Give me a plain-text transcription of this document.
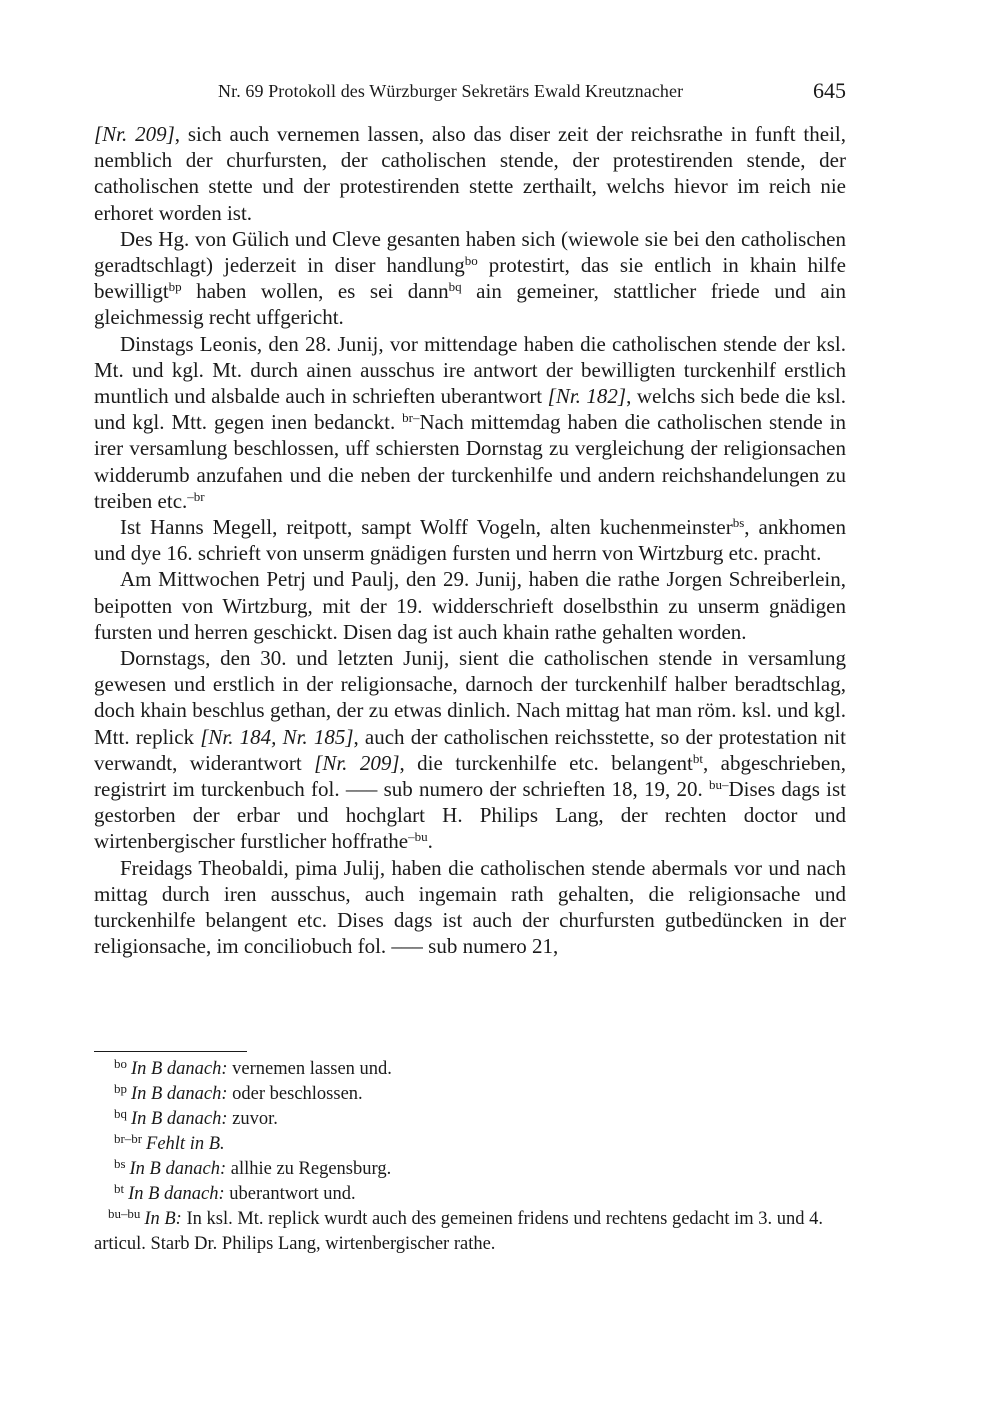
Nr. 69 Protokoll des Würzburger Sekretärs Ewald Kreutznacher	645

[Nr. 209], sich auch vernemen lassen, also das diser zeit der reichsrathe in funft theil, nemblich der churfursten, der catholischen stende, der protestirenden stende, der catholischen stette und der protestirenden stette zerthailt, welchs hievor im reich nie erhoret worden ist.

Des Hg. von Gülich und Cleve gesanten haben sich (wiewole sie bei den catholischen geradtschlagt) jederzeit in diser handlung$^{bo}$ protestirt, das sie entlich in khain hilfe bewilligt$^{bp}$ haben wollen, es sei dann$^{bq}$ ain gemeiner, stattlicher friede und ain gleichmessig recht uffgericht.

Dinstags Leonis, den 28. Junij, vor mittendage haben die catholischen stende der ksl. Mt. und kgl. Mt. durch ainen ausschus ire antwort der bewilligten turckenhilf erstlich muntlich und alsbalde auch in schrieften uberantwort [Nr. 182], welchs sich bede die ksl. und kgl. Mtt. gegen inen bedanckt. $^{br-}$Nach mittemdag haben die catholischen stende in irer versamlung beschlossen, uff schiersten Dornstag zu vergleichung der religionsachen widderumb anzufahen und die neben der turckenhilfe und andern reichshandelungen zu treiben etc.$^{-br}$

Ist Hanns Megell, reitpott, sampt Wolff Vogeln, alten kuchenmeinster$^{bs}$, ankhomen und dye 16. schrieft von unserm gnädigen fursten und herrn von Wirtzburg etc. pracht.

Am Mittwochen Petrj und Paulj, den 29. Junij, haben die rathe Jorgen Schreiberlein, beipotten von Wirtzburg, mit der 19. widderschrieft doselbsthin zu unserm gnädigen fursten und herren geschickt. Disen dag ist auch khain rathe gehalten worden.

Dornstags, den 30. und letzten Junij, sient die catholischen stende in versamlung gewesen und erstlich in der religionsache, darnoch der turckenhilf halber beradtschlag, doch khain beschlus gethan, der zu etwas dinlich. Nach mittag hat man röm. ksl. und kgl. Mtt. replick [Nr. 184, Nr. 185], auch der catholischen reichsstette, so der protestation nit verwandt, widerantwort [Nr. 209], die turckenhilfe etc. belangent$^{bt}$, abgeschrieben, registrirt im turckenbuch fol. ––– sub numero der schrieften 18, 19, 20. $^{bu-}$Dises dags ist gestorben der erbar und hochglart H. Philips Lang, der rechten doctor und wirtenbergischer furstlicher hoffrathe$^{-bu}$.

Freidags Theobaldi, pima Julij, haben die catholischen stende abermals vor und nach mittag durch iren ausschus, auch ingemain rath gehalten, die religionsache und turckenhilfe belangent etc. Dises dags ist auch der churfursten gutbedüncken in der religionsache, im conciliobuch fol. ––– sub numero 21,

$^{bo}$ In B danach: vernemen lassen und.

$^{bp}$ In B danach: oder beschlossen.

$^{bq}$ In B danach: zuvor.

$^{br-br}$ Fehlt in B.

$^{bs}$ In B danach: allhie zu Regensburg.

$^{bt}$ In B danach: uberantwort und.

$^{bu-bu}$ In B: In ksl. Mt. replick wurdt auch des gemeinen fridens und rechtens gedacht im 3. und 4. articul. Starb Dr. Philips Lang, wirtenbergischer rathe.
